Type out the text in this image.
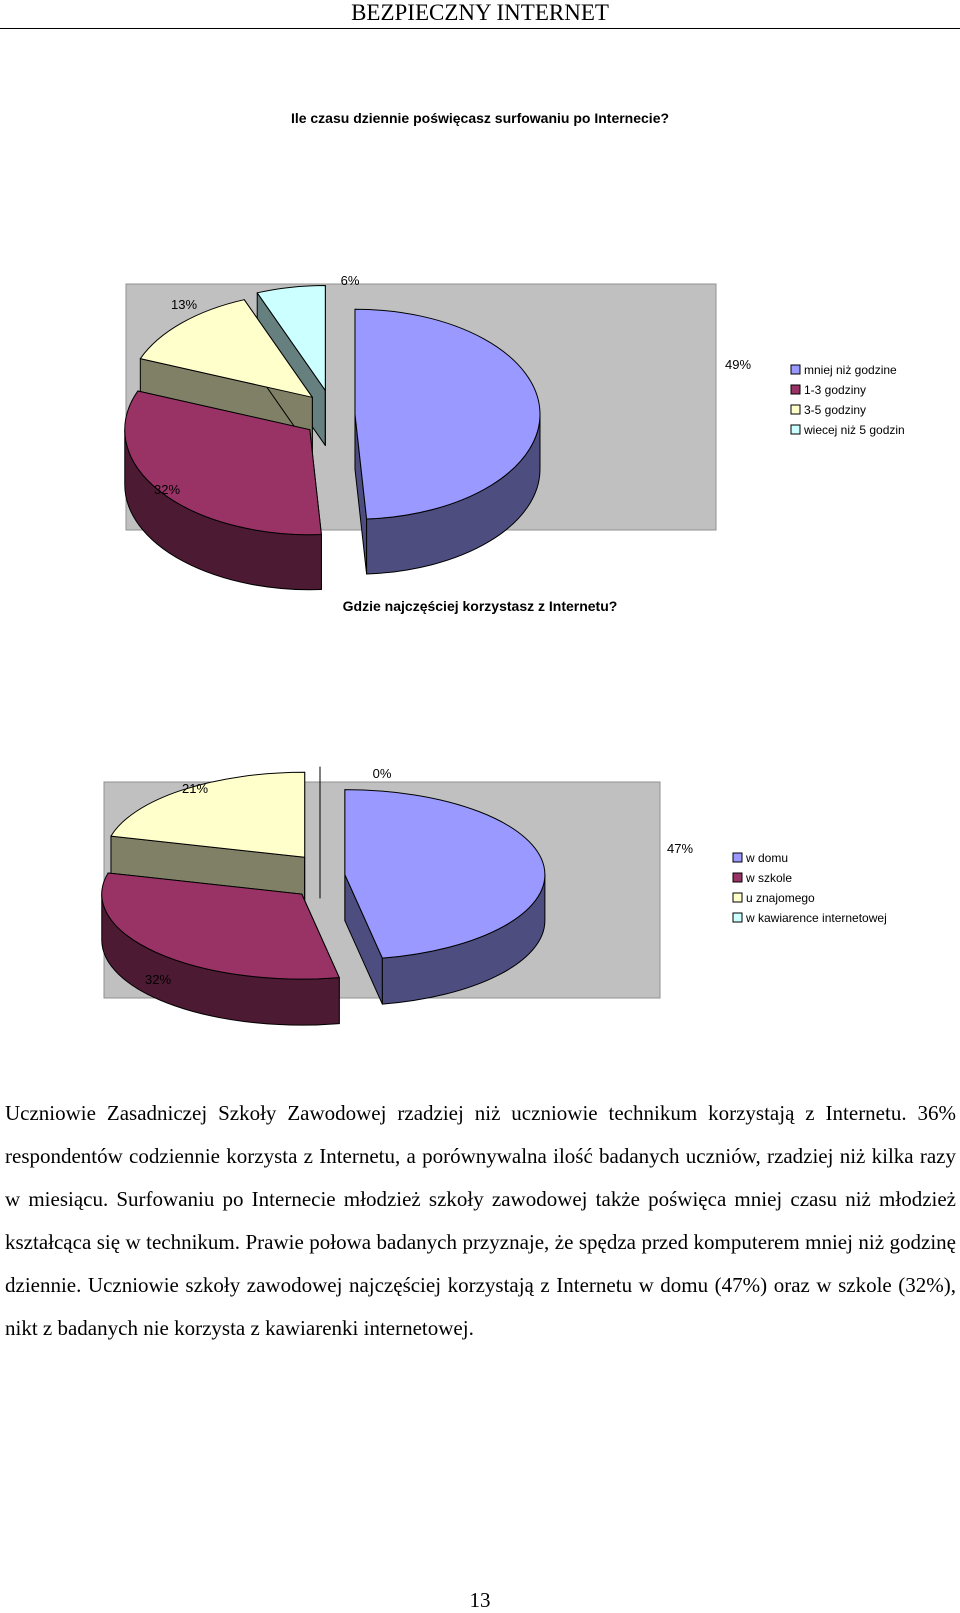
BEZPIECZNY INTERNET
Ile czasu dziennie poświęcasz surfowaniu po Internecie?
49%
32%
13%
6%
mniej niż godzine
1-3 godziny
3-5 godziny
wiecej niż 5 godzin
Gdzie najczęściej korzystasz z Internetu?
47%
32%
21%
0%
w domu
w szkole
u znajomego
w kawiarence internetowej

Uczniowie Zasadniczej Szkoły Zawodowej rzadziej niż uczniowie technikum korzystają z Internetu. 36% respondentów codziennie korzysta z Internetu, a porównywalna ilość badanych uczniów, rzadziej niż kilka razy w miesiącu. Surfowaniu po Internecie młodzież szkoły zawodowej także poświęca mniej czasu niż młodzież kształcąca się w technikum. Prawie połowa badanych przyznaje, że spędza przed komputerem mniej niż godzinę dziennie. Uczniowie szkoły zawodowej najczęściej korzystają z Internetu w domu (47%) oraz w szkole (32%), nikt z badanych nie korzysta z kawiarenki internetowej.

13
